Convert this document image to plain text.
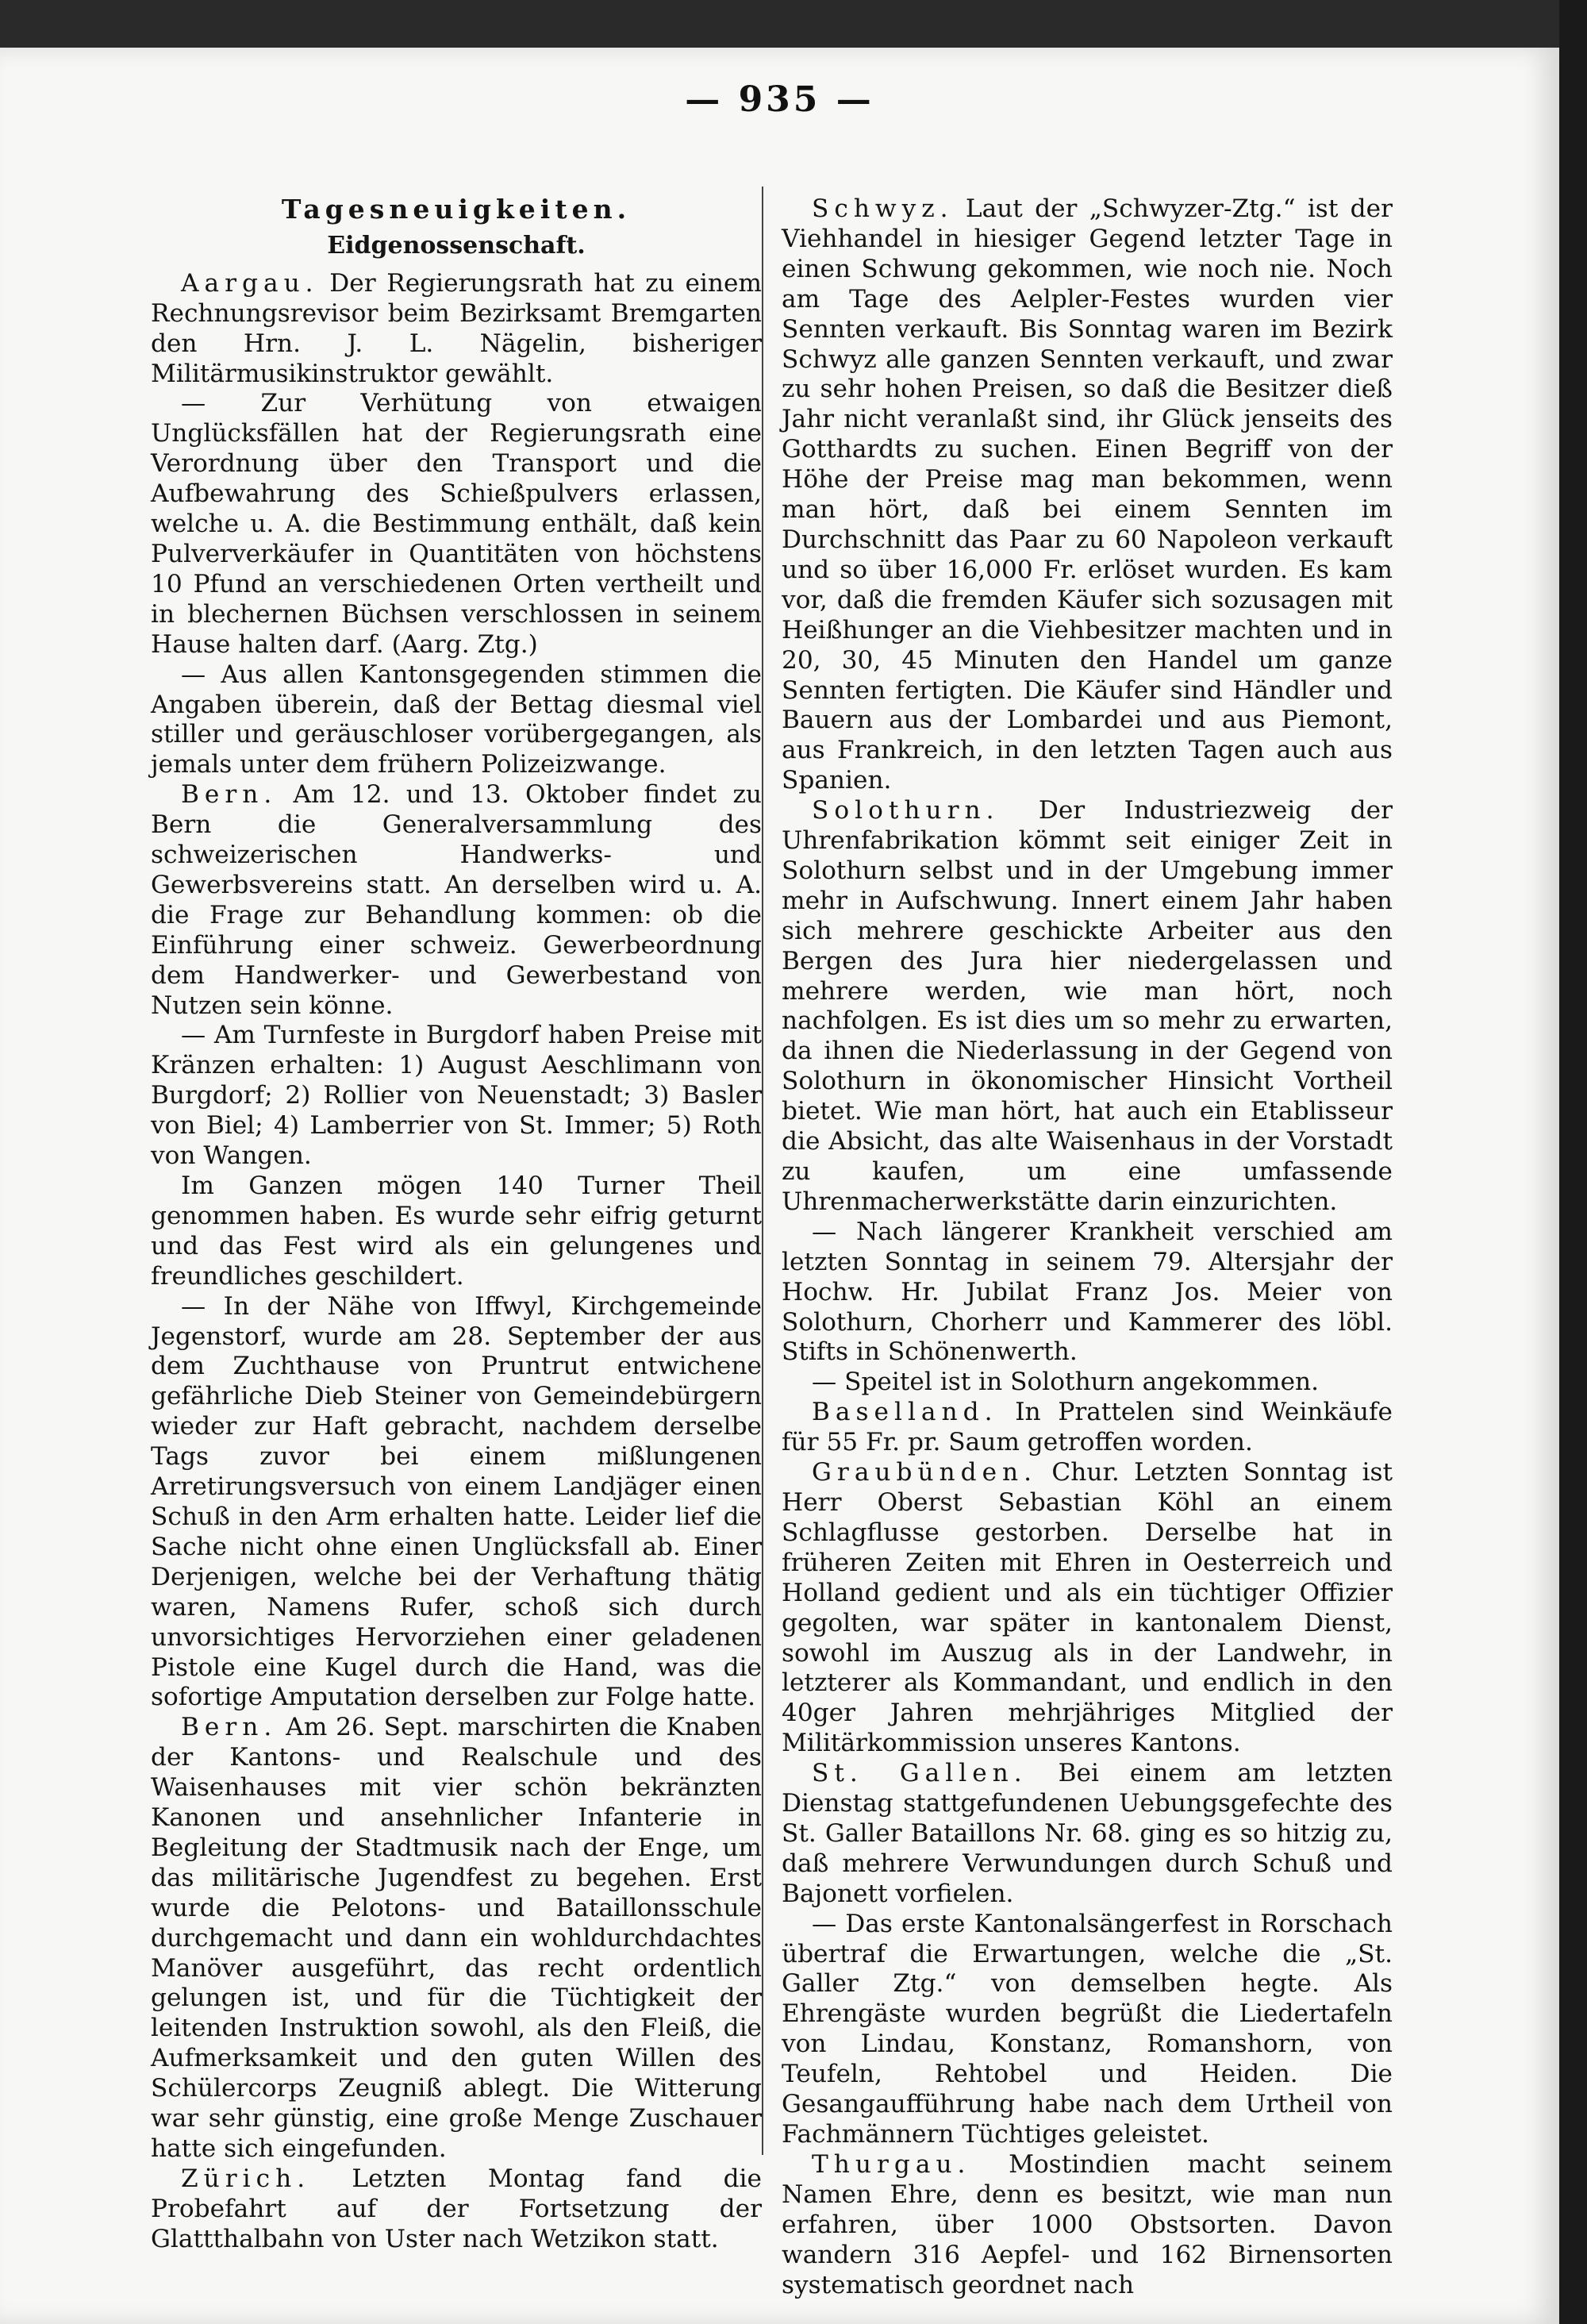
— 935 —
Tagesneuigkeiten.
Eidgenossenschaft.

Aargau. Der Regierungsrath hat zu einem Rechnungsrevisor beim Bezirksamt Bremgarten den Hrn. J. L. Nägelin, bisheriger Militärmusikinstruktor gewählt.

— Zur Verhütung von etwaigen Unglücksfällen hat der Regierungsrath eine Verordnung über den Transport und die Aufbewahrung des Schießpulvers erlassen, welche u. A. die Bestimmung enthält, daß kein Pulververkäufer in Quantitäten von höchstens 10 Pfund an verschiedenen Orten vertheilt und in blechernen Büchsen verschlossen in seinem Hause halten darf. (Aarg. Ztg.)

— Aus allen Kantonsgegenden stimmen die Angaben überein, daß der Bettag diesmal viel stiller und geräuschloser vorübergegangen, als jemals unter dem frühern Polizeizwange.

Bern. Am 12. und 13. Oktober findet zu Bern die Generalversammlung des schweizerischen Handwerks- und Gewerbsvereins statt. An derselben wird u. A. die Frage zur Behandlung kommen: ob die Einführung einer schweiz. Gewerbeordnung dem Handwerker- und Gewerbestand von Nutzen sein könne.

— Am Turnfeste in Burgdorf haben Preise mit Kränzen erhalten: 1) August Aeschlimann von Burgdorf; 2) Rollier von Neuenstadt; 3) Basler von Biel; 4) Lamberrier von St. Immer; 5) Roth von Wangen.

Im Ganzen mögen 140 Turner Theil genommen haben. Es wurde sehr eifrig geturnt und das Fest wird als ein gelungenes und freundliches geschildert.

— In der Nähe von Iffwyl, Kirchgemeinde Jegenstorf, wurde am 28. September der aus dem Zuchthause von Pruntrut entwichene gefährliche Dieb Steiner von Gemeindebürgern wieder zur Haft gebracht, nachdem derselbe Tags zuvor bei einem mißlungenen Arretirungsversuch von einem Landjäger einen Schuß in den Arm erhalten hatte. Leider lief die Sache nicht ohne einen Unglücksfall ab. Einer Derjenigen, welche bei der Verhaftung thätig waren, Namens Rufer, schoß sich durch unvorsichtiges Hervorziehen einer geladenen Pistole eine Kugel durch die Hand, was die sofortige Amputation derselben zur Folge hatte.

Bern. Am 26. Sept. marschirten die Knaben der Kantons- und Realschule und des Waisenhauses mit vier schön bekränzten Kanonen und ansehnlicher Infanterie in Begleitung der Stadtmusik nach der Enge, um das militärische Jugendfest zu begehen. Erst wurde die Pelotons- und Bataillonsschule durchgemacht und dann ein wohldurchdachtes Manöver ausgeführt, das recht ordentlich gelungen ist, und für die Tüchtigkeit der leitenden Instruktion sowohl, als den Fleiß, die Aufmerksamkeit und den guten Willen des Schülercorps Zeugniß ablegt. Die Witterung war sehr günstig, eine große Menge Zuschauer hatte sich eingefunden.

Zürich. Letzten Montag fand die Probefahrt auf der Fortsetzung der Glattthalbahn von Uster nach Wetzikon statt.

Schwyz. Laut der „Schwyzer-Ztg.“ ist der Viehhandel in hiesiger Gegend letzter Tage in einen Schwung gekommen, wie noch nie. Noch am Tage des Aelpler-Festes wurden vier Sennten verkauft. Bis Sonntag waren im Bezirk Schwyz alle ganzen Sennten verkauft, und zwar zu sehr hohen Preisen, so daß die Besitzer dieß Jahr nicht veranlaßt sind, ihr Glück jenseits des Gotthardts zu suchen. Einen Begriff von der Höhe der Preise mag man bekommen, wenn man hört, daß bei einem Sennten im Durchschnitt das Paar zu 60 Napoleon verkauft und so über 16,000 Fr. erlöset wurden. Es kam vor, daß die fremden Käufer sich sozusagen mit Heißhunger an die Viehbesitzer machten und in 20, 30, 45 Minuten den Handel um ganze Sennten fertigten. Die Käufer sind Händler und Bauern aus der Lombardei und aus Piemont, aus Frankreich, in den letzten Tagen auch aus Spanien.

Solothurn. Der Industriezweig der Uhrenfabrikation kömmt seit einiger Zeit in Solothurn selbst und in der Umgebung immer mehr in Aufschwung. Innert einem Jahr haben sich mehrere geschickte Arbeiter aus den Bergen des Jura hier niedergelassen und mehrere werden, wie man hört, noch nachfolgen. Es ist dies um so mehr zu erwarten, da ihnen die Niederlassung in der Gegend von Solothurn in ökonomischer Hinsicht Vortheil bietet. Wie man hört, hat auch ein Etablisseur die Absicht, das alte Waisenhaus in der Vorstadt zu kaufen, um eine umfassende Uhrenmacherwerkstätte darin einzurichten.

— Nach längerer Krankheit verschied am letzten Sonntag in seinem 79. Altersjahr der Hochw. Hr. Jubilat Franz Jos. Meier von Solothurn, Chorherr und Kammerer des löbl. Stifts in Schönenwerth.

— Speitel ist in Solothurn angekommen.

Baselland. In Prattelen sind Weinkäufe für 55 Fr. pr. Saum getroffen worden.

Graubünden. Chur. Letzten Sonntag ist Herr Oberst Sebastian Köhl an einem Schlagflusse gestorben. Derselbe hat in früheren Zeiten mit Ehren in Oesterreich und Holland gedient und als ein tüchtiger Offizier gegolten, war später in kantonalem Dienst, sowohl im Auszug als in der Landwehr, in letzterer als Kommandant, und endlich in den 40ger Jahren mehrjähriges Mitglied der Militärkommission unseres Kantons.

St. Gallen. Bei einem am letzten Dienstag stattgefundenen Uebungsgefechte des St. Galler Bataillons Nr. 68. ging es so hitzig zu, daß mehrere Verwundungen durch Schuß und Bajonett vorfielen.

— Das erste Kantonalsängerfest in Rorschach übertraf die Erwartungen, welche die „St. Galler Ztg.“ von demselben hegte. Als Ehrengäste wurden begrüßt die Liedertafeln von Lindau, Konstanz, Romanshorn, von Teufeln, Rehtobel und Heiden. Die Gesangaufführung habe nach dem Urtheil von Fachmännern Tüchtiges geleistet.

Thurgau. Mostindien macht seinem Namen Ehre, denn es besitzt, wie man nun erfahren, über 1000 Obstsorten. Davon wandern 316 Aepfel- und 162 Birnensorten systematisch geordnet nach
